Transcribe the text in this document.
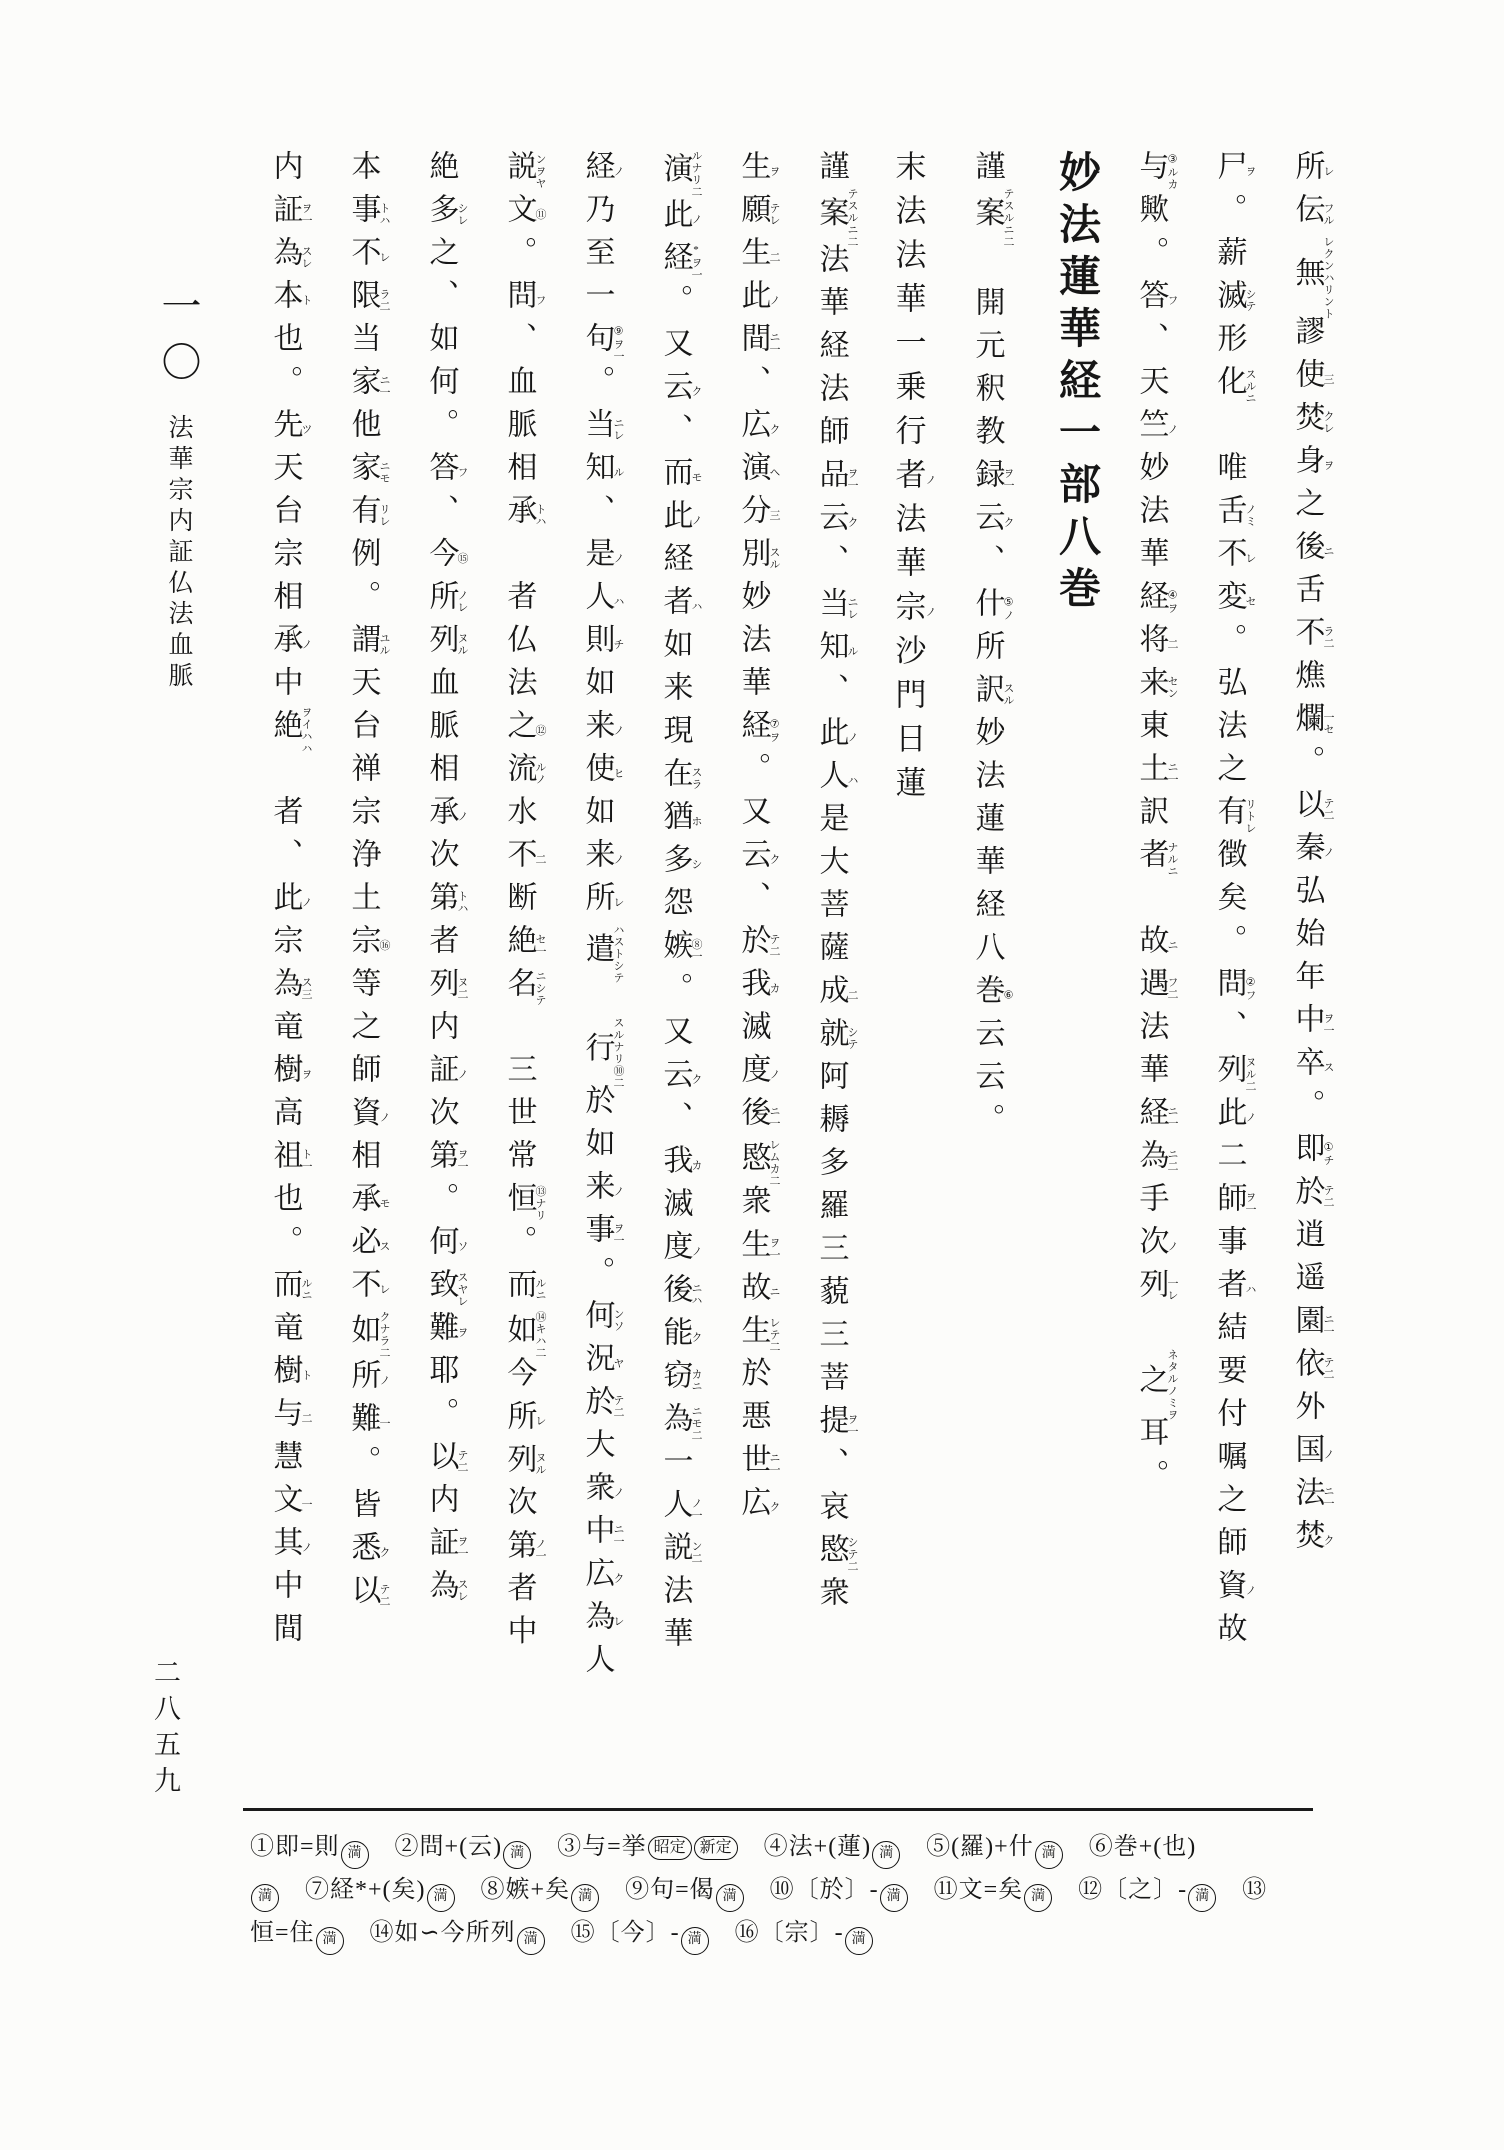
一〇 法華宗内証仏法血脈
所レ伝フル無レクンハリント謬使三焚クレ身ヲ之後ニ舌不ラ二燋爛一セ。以テ二秦ノ弘始年中ヲ一卒ス。即①チ於テ二逍遥園ニ一依テ二外国ノ法ニ一焚ク
尸ヲ。薪滅シテ形化スルニ　唯舌ノミ不レ変セ。弘法之有リトレ徴矣。問②フ、列ヌル二此ノ二師ヲ一事者ハ結要付嘱之師資ノ故
与③ルカ歟。答フ、天竺ノ妙法華経④ヲ将二来セン東土ニ一訳者ナルニ　故ニ遇フ二法華経ニ一為ニ二手次ノ列一レ　之ネタルノミヲ耳。
妙法蓮華経一部八巻
謹案テスルニ二　開元釈教録ヲ一云ク、什⑤ノ所訳スル妙法蓮華経八巻⑥云云。
末法法華一乗行者ノ法華宗ノ沙門日蓮
謹案テスルニ二法華経法師品ヲ一云ク、当ニレ知ル、此ノ人ハ是大菩薩成二就シテ阿耨多羅三藐三菩提ヲ一、哀愍シテ二衆
生ヲ願テレ生二此ノ間ニ一、広ク演ヘ分三別スル妙法華経⑦ヲ。又云ク、於テ二我カ滅度ノ後ニ一愍レムカ二衆生ヲ一故ニ生レテ二於悪世ニ一広ク
演ルナリ二此ノ経*ヲ一。又云ク、而モ此ノ経者ハ如来現在スラ猶ホ多シ怨嫉⑧一。又云ク、我カ滅度ノ後ニハ能ク窃カニ為ニモ二一人ノ一説ン二法華
経ノ乃至一句⑨ヲ一。当ニレ知ル、是ノ人ハ則チ如来ノ使ヒ如来ノ所レ遣ハストシテ　行スルナリ⑩二於如来ノ事ヲ一。何ンソ況ヤ於テ二大衆ノ中ニ一広ク為レ人
説ンヲヤ文⑪。問フ、血脈相承トハ　者仏法之⑫流ルノ水不二断絶セ一名ニシテ　三世常恒⑬ナリ。而ルニ如⑭キハ二今所レ列ヌル次第ノ一者中
絶多シレ之、如何。答フ、今⑮所ノレ列ヌル血脈相承ノ次第トハ者列ヌ二内証ノ次第ヲ一。何ソ致スヤレ難ヲ耶。以テ二内証ヲ一為スレ
本事トハ不レ限ラ二当家ニ一他家ニモ有リレ例。謂ユル天台禅宗浄土宗⑯等之師資ノ相承モ必ス不レ如クナラ二所ノ難一。皆悉ク以テ二
内証ヲ一為スレ本ト也。先ツ天台宗相承ノ中絶ヲイハハ　者、此ノ宗為ス三竜樹ヲ高祖ト一也。而ルニ竜樹ト与二慧文一其ノ中間
二八五九
①即=則 満　②問+(云) 満　③与=挙 昭定 新定　④法+(蓮) 満　⑤(羅)+什 満　⑥巻+(也)
満　⑦経*+(矣) 満　⑧嫉+矣 満　⑨句=偈 満　⑩〔於〕- 満　⑪文=矣 満　⑫〔之〕- 満　⑬
恒=住 満　⑭如∽今所列 満　⑮〔今〕- 満　⑯〔宗〕- 満
